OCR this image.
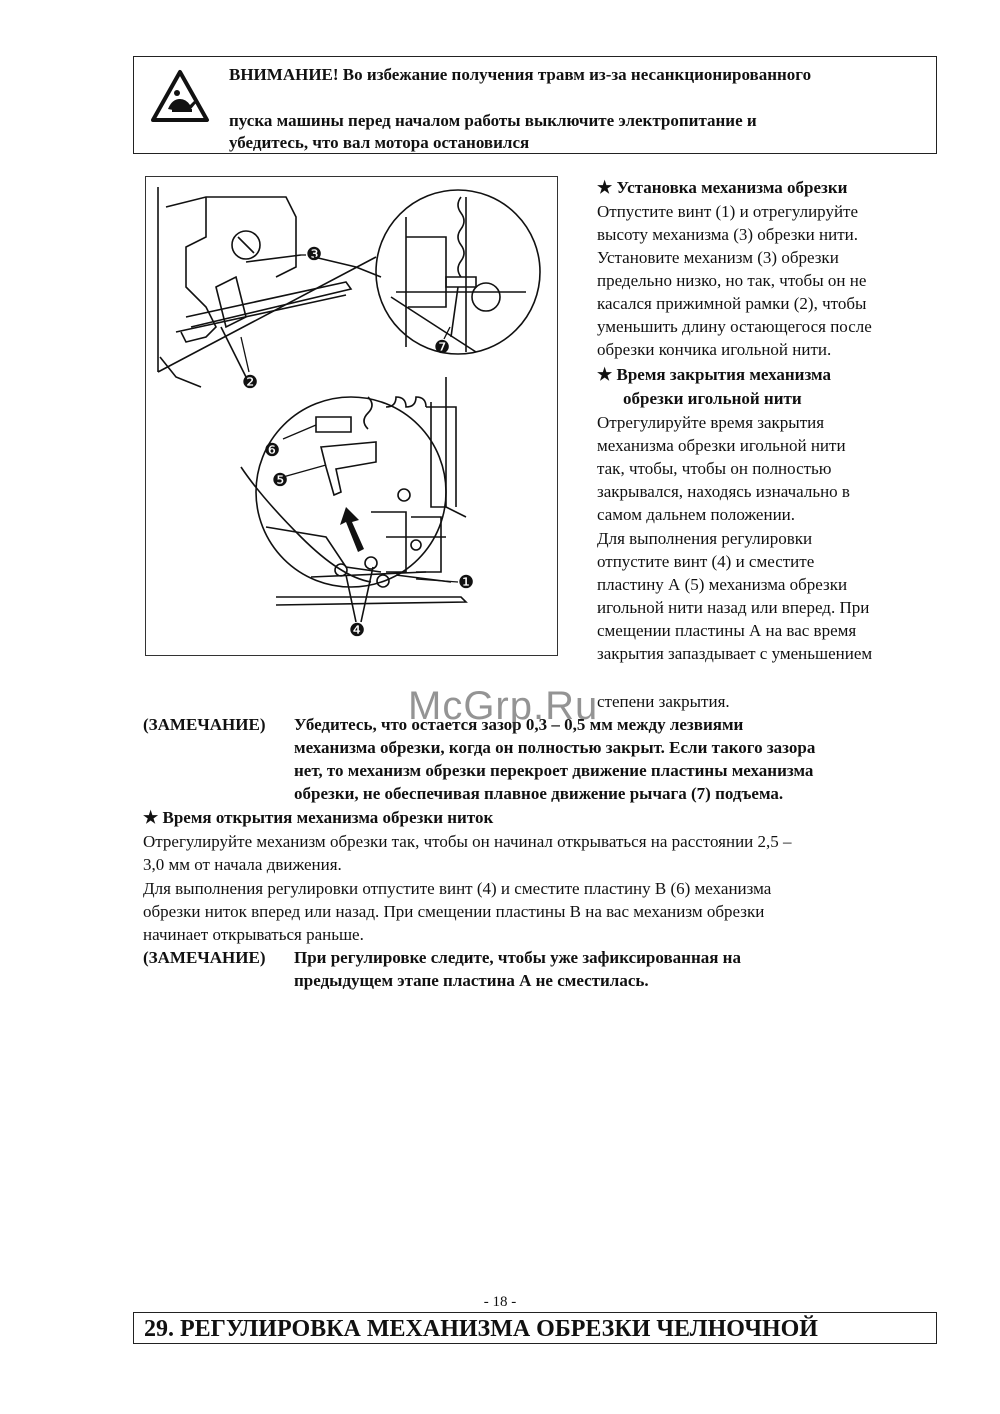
ВНИМАНИЕ! Во избежание получения травм из-за несанкционированного
пуска машины перед началом работы выключите электропитание и
убедитесь, что вал мотора остановился
❸
❷
❼
❻
❺
❶
❹
★ Установка механизма обрезки
Отпустите винт (1) и отрегулируйте
высоту механизма (3) обрезки нити.
Установите механизм (3) обрезки
предельно низко, но так, чтобы он не
касался прижимной рамки (2), чтобы
уменьшить длину остающегося после
обрезки кончика игольной нити.
★ Время закрытия механизма
обрезки игольной нити
Отрегулируйте время закрытия
механизма обрезки игольной нити
так, чтобы, чтобы он полностью
закрывался, находясь изначально в
самом дальнем положении.
Для выполнения регулировки
отпустите винт (4) и сместите
пластину А (5) механизма обрезки
игольной нити назад или вперед. При
смещении пластины А на вас время
закрытия запаздывает с уменьшением
степени закрытия.
(ЗАМЕЧАНИЕ) Убедитесь, что остается зазор 0,3 – 0,5 мм между лезвиями
механизма обрезки, когда он полностью закрыт. Если такого зазора
нет, то механизм обрезки перекроет движение пластины механизма
обрезки, не обеспечивая плавное движение рычага (7) подъема.
McGrp.Ru
★ Время открытия механизма обрезки ниток
Отрегулируйте механизм обрезки так, чтобы он начинал открываться на расстоянии 2,5 –
3,0 мм от начала движения.
Для выполнения регулировки отпустите винт (4) и сместите пластину В (6) механизма
обрезки ниток вперед или назад. При смещении пластины В на вас механизм обрезки
начинает открываться раньше.
(ЗАМЕЧАНИЕ) При регулировке следите, чтобы уже зафиксированная на
предыдущем этапе пластина А не сместилась.
- 18 -
29. РЕГУЛИРОВКА МЕХАНИЗМА ОБРЕЗКИ ЧЕЛНОЧНОЙ
